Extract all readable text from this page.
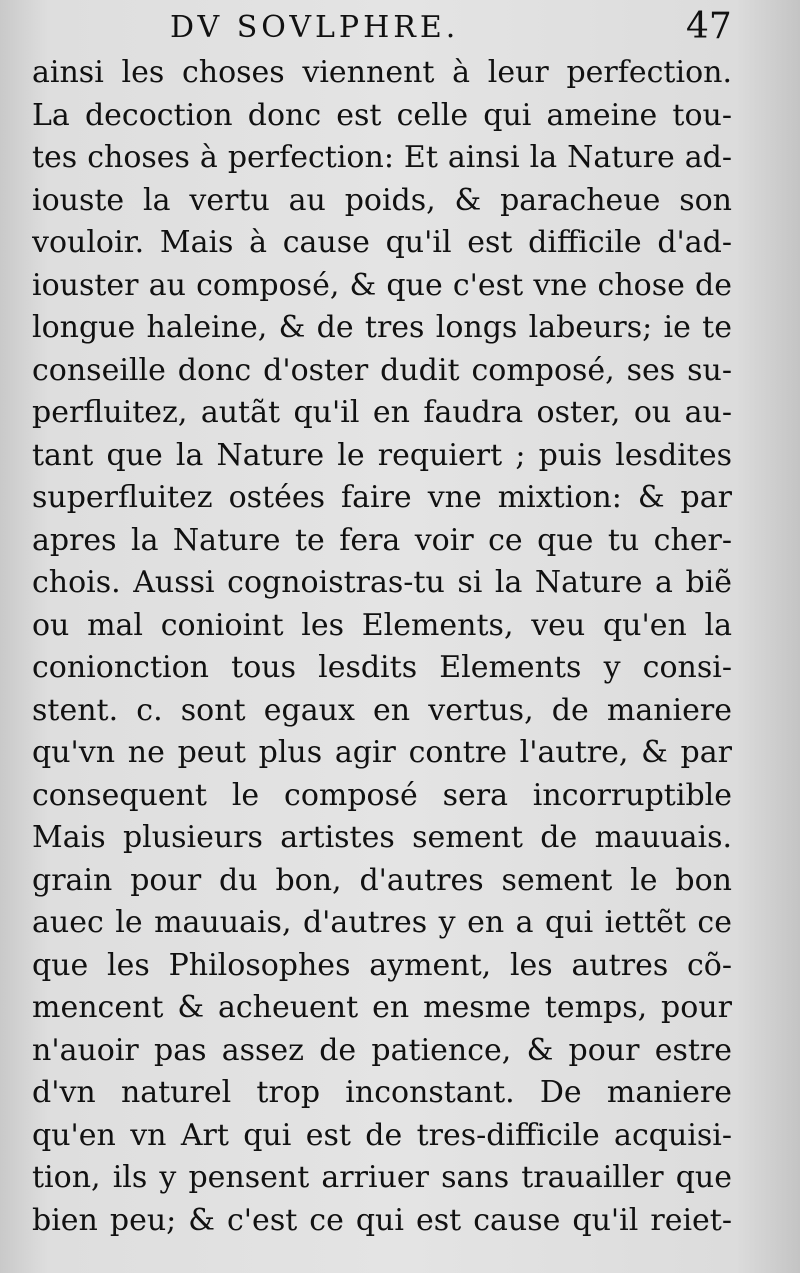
DV SOVLPHRE.	47
ainsi les choses viennent à leur perfection.
La decoction donc est celle qui ameine tou-
tes choses à perfection: Et ainsi la Nature ad-
iouste la vertu au poids, & paracheue son
vouloir. Mais à cause qu'il est difficile d'ad-
iouster au composé, & que c'est vne chose de
longue haleine, & de tres longs labeurs; ie te
conseille donc d'oster dudit composé, ses su-
perfluitez, autãt qu'il en faudra oster, ou au-
tant que la Nature le requiert ; puis lesdites
superfluitez ostées faire vne mixtion: & par
apres la Nature te fera voir ce que tu cher-
chois. Aussi cognoistras-tu si la Nature a biẽ
ou mal conioint les Elements, veu qu'en la
conionction tous lesdits Elements y consi-
stent. c. sont egaux en vertus, de maniere
qu'vn ne peut plus agir contre l'autre, & par
consequent le composé sera incorruptible
Mais plusieurs artistes sement de mauuais.
grain pour du bon, d'autres sement le bon
auec le mauuais, d'autres y en a qui iettẽt ce
que les Philosophes ayment, les autres cõ-
mencent & acheuent en mesme temps, pour
n'auoir pas assez de patience, & pour estre
d'vn naturel trop inconstant. De maniere
qu'en vn Art qui est de tres-difficile acquisi-
tion, ils y pensent arriuer sans trauailler que
bien peu; & c'est ce qui est cause qu'il reiet-
